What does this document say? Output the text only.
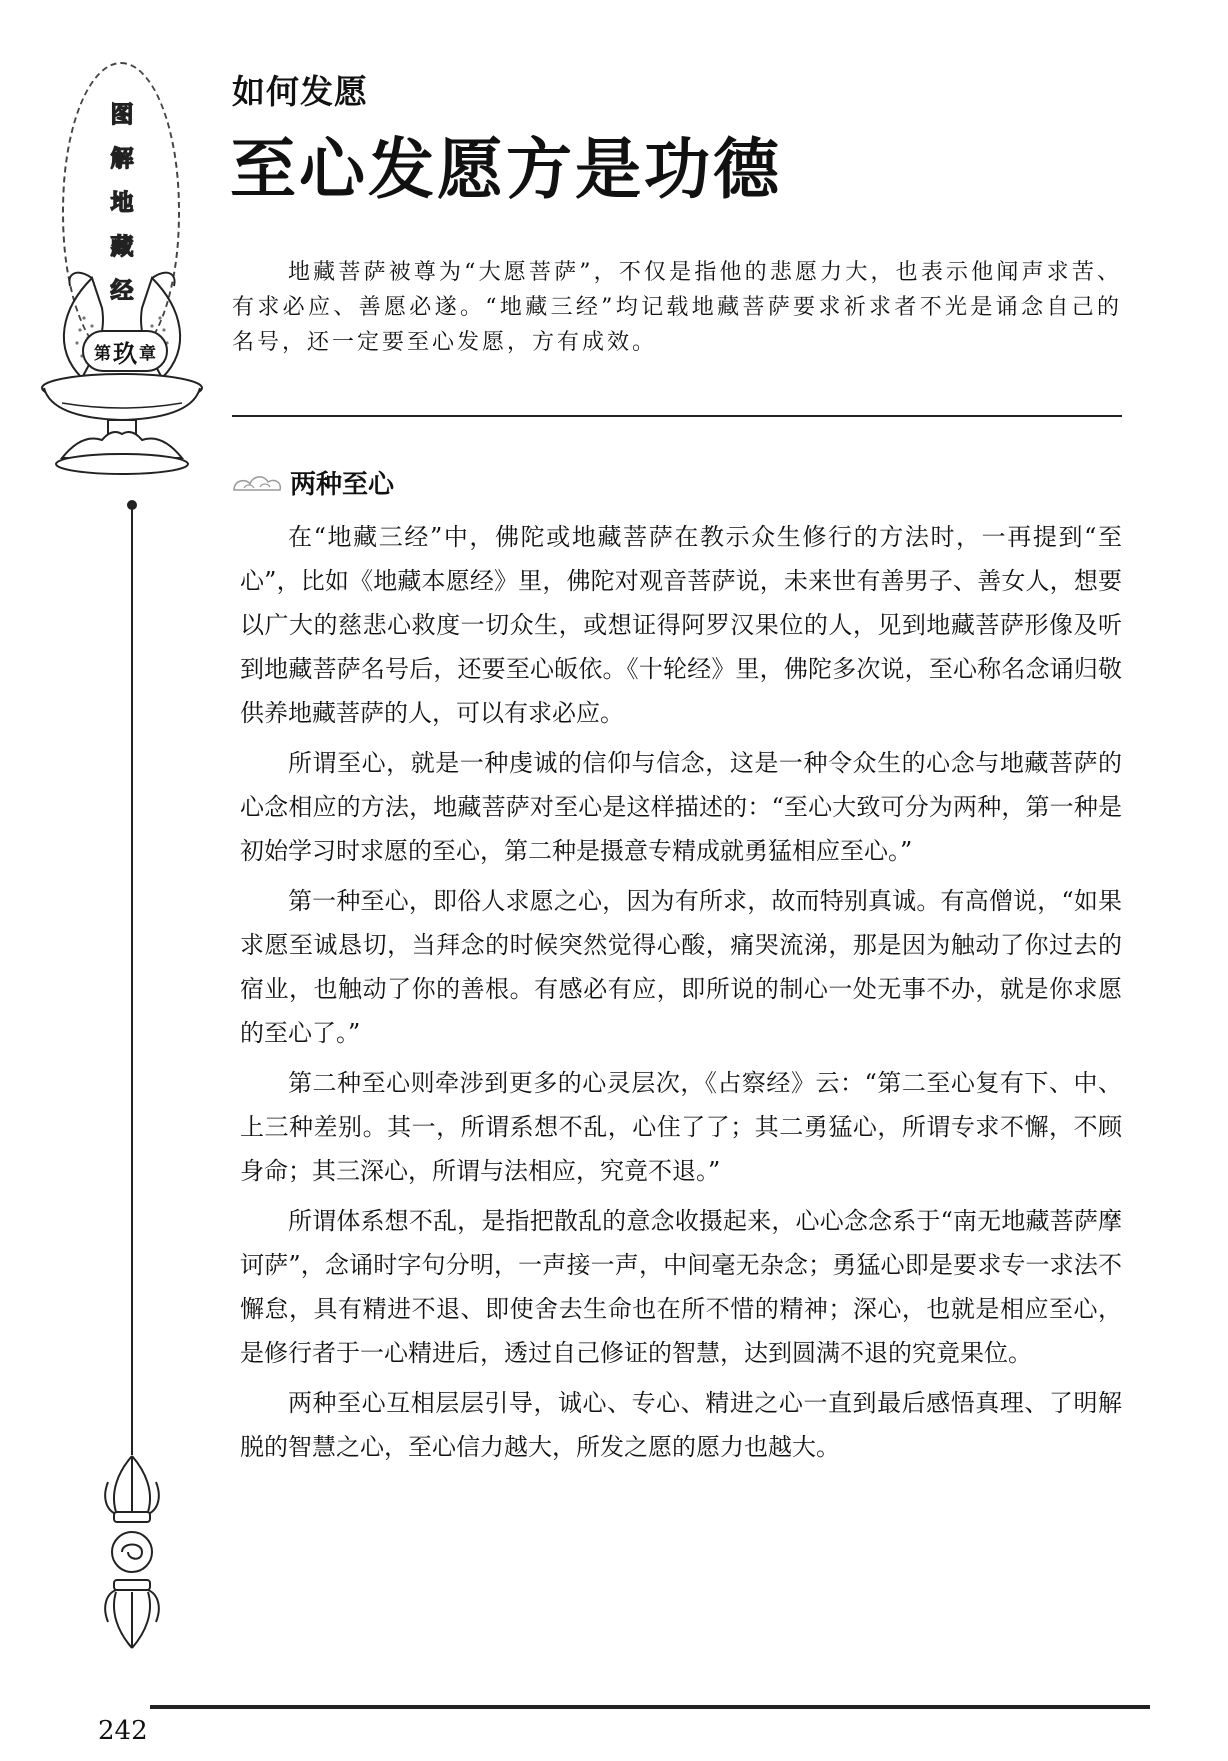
图
解
地
藏
经
第 玖 章
如何发愿
至心发愿方是功德

地藏菩萨被尊为“大愿菩萨”，不仅是指他的悲愿力大，也表示他闻声求苦、有求必应、善愿必遂。“地藏三经”均记载地藏菩萨要求祈求者不光是诵念自己的名号，还一定要至心发愿，方有成效。

两种至心

在“地藏三经”中，佛陀或地藏菩萨在教示众生修行的方法时，一再提到“至心”，比如《地藏本愿经》里，佛陀对观音菩萨说，未来世有善男子、善女人，想要以广大的慈悲心救度一切众生，或想证得阿罗汉果位的人，见到地藏菩萨形像及听到地藏菩萨名号后，还要至心皈依。《十轮经》里，佛陀多次说，至心称名念诵归敬供养地藏菩萨的人，可以有求必应。

所谓至心，就是一种虔诚的信仰与信念，这是一种令众生的心念与地藏菩萨的心念相应的方法，地藏菩萨对至心是这样描述的：“至心大致可分为两种，第一种是初始学习时求愿的至心，第二种是摄意专精成就勇猛相应至心。”

第一种至心，即俗人求愿之心，因为有所求，故而特别真诚。有高僧说，“如果求愿至诚恳切，当拜念的时候突然觉得心酸，痛哭流涕，那是因为触动了你过去的宿业，也触动了你的善根。有感必有应，即所说的制心一处无事不办，就是你求愿的至心了。”

第二种至心则牵涉到更多的心灵层次，《占察经》云：“第二至心复有下、中、上三种差别。其一，所谓系想不乱，心住了了；其二勇猛心，所谓专求不懈，不顾身命；其三深心，所谓与法相应，究竟不退。”

所谓体系想不乱，是指把散乱的意念收摄起来，心心念念系于“南无地藏菩萨摩诃萨”，念诵时字句分明，一声接一声，中间毫无杂念；勇猛心即是要求专一求法不懈怠，具有精进不退、即使舍去生命也在所不惜的精神；深心，也就是相应至心，是修行者于一心精进后，透过自己修证的智慧，达到圆满不退的究竟果位。

两种至心互相层层引导，诚心、专心、精进之心一直到最后感悟真理、了明解脱的智慧之心，至心信力越大，所发之愿的愿力也越大。

242
